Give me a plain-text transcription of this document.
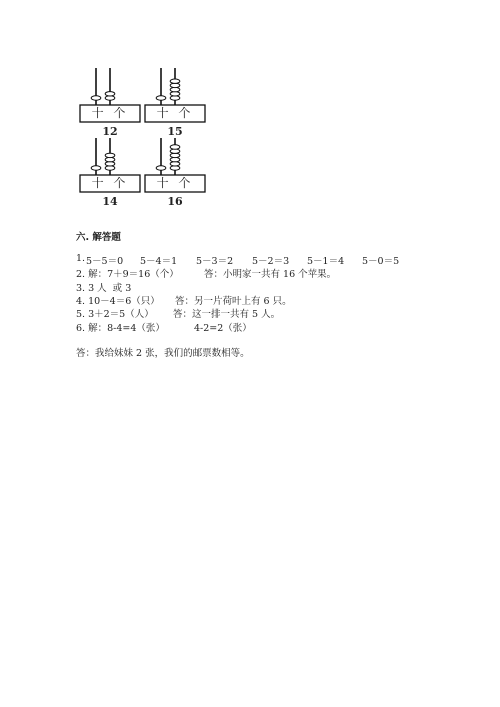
十 个
12
十 个
15
十 个
14
十 个
16
六. 解答题
1.
5－5＝0 5－4＝1 5－3＝2 5－2＝3 5－1＝4 5－0＝5
2. 解：7＋9＝16（个）	答：小明家一共有 16 个苹果。
3. 3 人  或 3
4. 10－4＝6（只） 答：另一片荷叶上有 6 只。
5. 3＋2＝5（人） 答：这一排一共有 5 人。
6. 解：8-4=4（张）	4-2=2（张）
答：我给妹妹 2 张，我们的邮票数相等。
